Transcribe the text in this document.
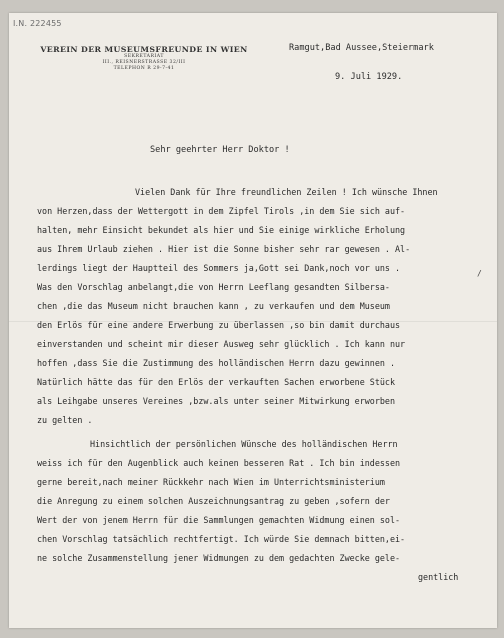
I.N. 222455
VEREIN DER MUSEUMSFREUNDE IN WIEN
SEKRETARIAT
III., REISNERSTRASSE 32/III
TELEPHON R 29-7-41
Ramgut,Bad Aussee,Steiermark
9. Juli 1929.
Sehr geehrter Herr Doktor !
/
Vielen Dank für Ihre freundlichen Zeilen ! Ich wünsche Ihnen
von Herzen,dass der Wettergott in dem Zipfel Tirols ,in dem Sie sich auf-
halten, mehr Einsicht bekundet als hier und Sie einige wirkliche Erholung
aus Ihrem Urlaub ziehen . Hier ist die Sonne bisher sehr rar gewesen . Al-
lerdings liegt der Hauptteil des Sommers ja,Gott sei Dank,noch vor uns .
Was den Vorschlag anbelangt,die von Herrn Leeflang gesandten Silbersa-
chen ,die das Museum nicht brauchen kann , zu verkaufen und dem Museum
den Erlös für eine andere Erwerbung zu überlassen ,so bin damit durchaus
einverstanden und scheint mir dieser Ausweg sehr glücklich . Ich kann nur
hoffen ,dass Sie die Zustimmung des holländischen Herrn dazu gewinnen .
Natürlich hätte das für den Erlös der verkauften Sachen erworbene Stück
als Leihgabe unseres Vereines ,bzw.als unter seiner Mitwirkung erworben
zu gelten .
Hinsichtlich der persönlichen Wünsche des holländischen Herrn
weiss ich für den Augenblick auch keinen besseren Rat . Ich bin indessen
gerne bereit,nach meiner Rückkehr nach Wien im Unterrichtsministerium
die Anregung zu einem solchen Auszeichnungsantrag zu geben ,sofern der
Wert der von jenem Herrn für die Sammlungen gemachten Widmung einen sol-
chen Vorschlag tatsächlich rechtfertigt. Ich würde Sie demnach bitten,ei-
ne solche Zusammenstellung jener Widmungen zu dem gedachten Zwecke gele-
gentlich
